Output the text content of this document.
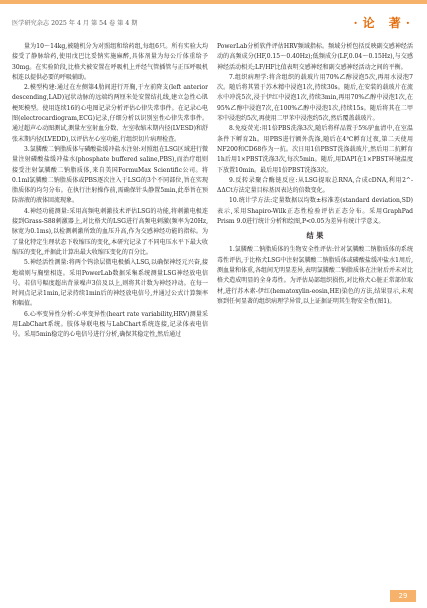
医学研究杂志 2025 年 4 月 第 54 卷 第 4 期	·论 著·

量为10～14kg,被随机分为对照组和给药组,每组6只。所有实验大均接受了静脉给药,使用戊巴比妥钠实施麻醉,具体剂量为每公斤体重给予30mg。在实验阶段,比格犬被安置在呼吸机上并经气管插管与正压呼吸机相连以提供必要的呼吸辅助。

2.模型构建:通过在左侧第4肋间进行开胸,于左前降支(left anterior descending,LAD)冠状动脉的远端约两厘米处安置结扎线,建立急性心肌梗死模型。使用连续16的心电图记录分析评估心律失常事件。在记录心电图(electrocardiogram,ECG)记录,仔细分析以识别室性心律失常事件。通过超声心动图测试,测量左室射血分数、左室收缩末期内径(LVESD)和舒张末期内径(LVEDD),以评估左心室功能,行组织切片病理检查。

3.氯膦酸二钠脂质体与磷酸盐缓冲盐水注射:对照组在LSG区域进行微量注射磷酸盐缓冲盐水(phosphate buffered saline,PBS),而治疗组则接受注射氯膦酸二钠脂质体,来自美国FormuMax Scientific公司。将0.1ml氯膦酸二钠脂质体或PBS逐次注入于LSG的3个不同部位,旨在实现脂质体的均匀分布。在执行注射操作前,需确保针头静置5min,此举旨在预防溶液的液体回流现象。

4.神经功能测量:采用高频电刺激技术评估LSG的功能,将刺激电极连接到Grass-S88刺激器上,对比格犬的LSG进行高频电刺激(频率为20Hz,脉宽为0.1ms),以检测刺激所致的血压升高,作为交感神经功能的指标。为了量化特定生理状态下收缩压的变化,本研究记录了不同电压水平下最大收缩压的变化,并据此计算出最大收缩压变化的百分比。

5.神经活性测量:将两个钨涂层微电极插入LSG,以确保神经元兴奋,接地端则与胸壁相连。采用PowerLab数据采集系统测量LSG神经放电信号。若信号幅度超出背景噪声3倍及以上,则将其计数为神经冲动。在每一时间点记录1min,记录持续1min后的神经放电信号,并通过公式计算频率和幅值。

6.心率变异性分析:心率变异性(heart rate variability,HRV)测量采用LabChart系统。肢体导联电极与LabChart系统连接,记录体表电信号。采用5min稳定的心电信号进行分析,确保其稳定性,然后通过

PowerLab分析软件评估HRV频域指标。频域分析包括反映副交感神经活动的高频成分(HF,0.15～0.40Hz);低频成分(LF,0.04～0.15Hz),与交感神经活动相关;LF/HF比值表明交感神经和副交感神经活动之间的平衡。

7.组织病理学:将含组织的载玻片用70%乙醇浸泡5次,再用水浸泡7次。随后将其置于苏木精中浸泡1次,持续30s。随后,在安装的载玻片在流水中冲洗5次,浸于伊红中浸泡1次,持续3min,再用70%乙醇中浸泡1次,在95%乙醇中浸泡7次,在100%乙醇中浸泡1次,持续15s。随后将其在二甲苯中浸泡约5次,再使用二甲苯中浸泡约5次,然后覆盖载玻片。

8.免疫荧光:用1倍PBS洗涤3次,随后将样品置于5%驴血清中,在室温条件下孵育2h。用PBS进行额外洗涤,随后在4℃孵育过夜,第二天使用NF200和CD68作为一抗。次日用1倍PBST洗涤载玻片,然后用二抗孵育1h后用1×PBST洗涤3次,每次5min。随后,用DAPI在1×PBST环境温度下放置10min。最后用1倍PBST洗涤3次。

9.反转录聚合酶链反应:从LSG提取总RNA,合成cDNA,利用2^-ΔΔCt方法定量目标基因表达的倍数变化。

10.统计学方法:定量数据以均数±标准差(standard deviation,SD)表示,采用Shapiro-Wilk正态性检验评估正态分布。采用GraphPad Prism 9.0进行统计分析和绘图,P<0.05为差异有统计学意义。

结 果

1.氯膦酸二钠脂质体的生物安全性评估:针对氯膦酸二钠脂质体的系统毒性评估,于比格犬LSG中注射氯膦酸二钠脂质体或磷酸盐缓冲盐水1周后,测血量和体重,各组间无明显差异,表明氯膦酸二钠脂质体在注射后并未对比格犬造成明显的全身毒性。为评估局部组织损伤,对比格犬心脏正常部位取材,进行苏木素-伊红(hematoxylin-eosin,HE)染色的方法,结果显示,未观察到任何显著的组织病理学异常,以上证据证明其生物安全性(图1)。

29
